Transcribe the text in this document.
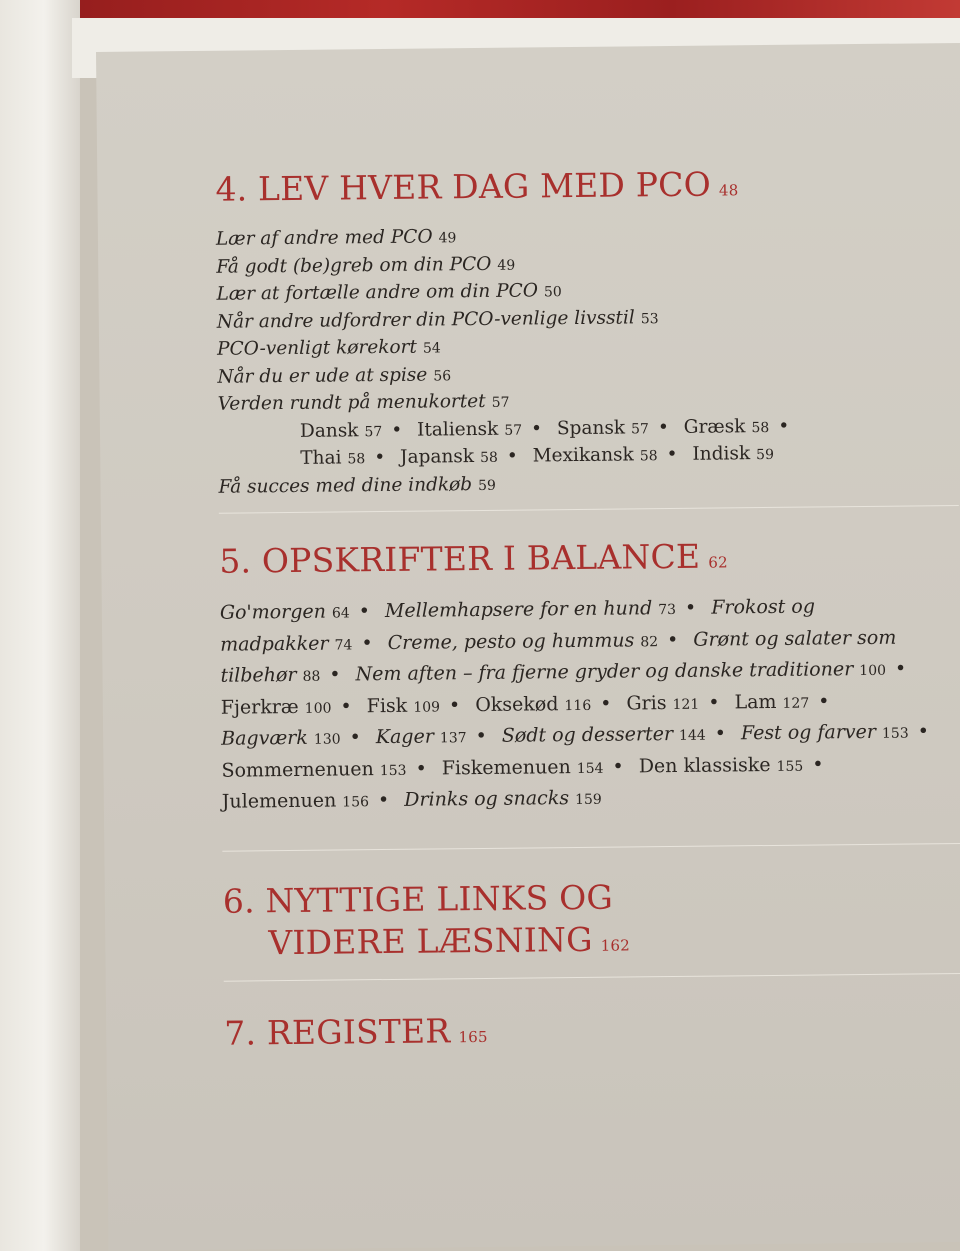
4. LEV HVER DAG MED PCO 48
Lær af andre med PCO 49
Få godt (be)greb om din PCO 49
Lær at fortælle andre om din PCO 50
Når andre udfordrer din PCO-venlige livsstil 53
PCO-venligt kørekort 54
Når du er ude at spise 56
Verden rundt på menukortet 57
Dansk 57 • Italiensk 57 • Spansk 57 • Græsk 58 •
Thai 58 • Japansk 58 • Mexikansk 58 • Indisk 59
Få succes med dine indkøb 59
5. OPSKRIFTER I BALANCE 62
Go'morgen 64 • Mellemhapsere for en hund 73 • Frokost og madpakker 74 • Creme, pesto og hummus 82 • Grønt og salater som tilbehør 88 • Nem aften – fra fjerne gryder og danske traditioner 100 • Fjerkræ 100 • Fisk 109 • Oksekød 116 • Gris 121 • Lam 127 • Bagværk 130 • Kager 137 • Sødt og desserter 144 • Fest og farver 153 • Sommernenuen 153 • Fiskemenuen 154 • Den klassiske 155 • Julemenuen 156 • Drinks og snacks 159
6. NYTTIGE LINKS OG
VIDERE LÆSNING 162
7. REGISTER 165
